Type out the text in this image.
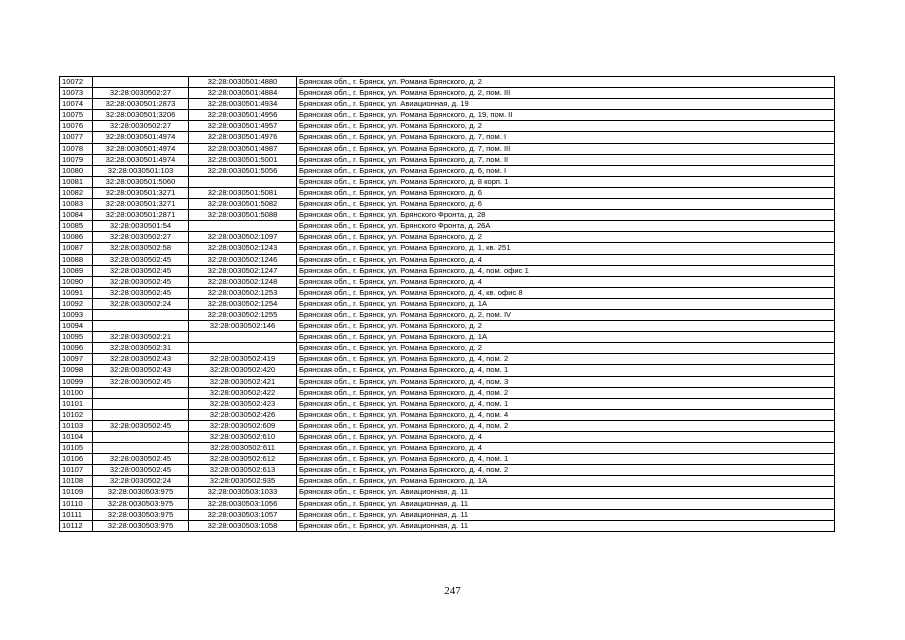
10072		32:28:0030501:4880	Брянская обл., г. Брянск, ул. Романа Брянского, д. 2
10073	32:28:0030502:27	32:28:0030501:4884	Брянская обл., г. Брянск, ул. Романа Брянского, д. 2, пом. III
10074	32:28:0030501:2873	32:28:0030501:4934	Брянская обл., г. Брянск, ул. Авиационная, д. 19
10075	32:28:0030501:3206	32:28:0030501:4956	Брянская обл., г. Брянск, ул. Романа Брянского, д. 19, пом. II
10076	32:28:0030502:27	32:28:0030501:4957	Брянская обл., г. Брянск, ул. Романа Брянского, д. 2
10077	32:28:0030501:4974	32:28:0030501:4976	Брянская обл., г. Брянск, ул. Романа Брянского, д. 7, пом. I
10078	32:28:0030501:4974	32:28:0030501:4987	Брянская обл., г. Брянск, ул. Романа Брянского, д. 7, пом. III
10079	32:28:0030501:4974	32:28:0030501:5001	Брянская обл., г. Брянск, ул. Романа Брянского, д. 7, пом. II
10080	32:28:0030501:103	32:28:0030501:5056	Брянская обл., г. Брянск, ул. Романа Брянского, д. 6, пом. I
10081	32:28:0030501:5060		Брянская обл., г. Брянск, ул. Романа Брянского, д. 8 корп. 1
10082	32:28:0030501:3271	32:28:0030501:5081	Брянская обл., г. Брянск, ул. Романа Брянского, д. 6
10083	32:28:0030501:3271	32:28:0030501:5082	Брянская обл., г. Брянск, ул. Романа Брянского, д. 6
10084	32:28:0030501:2871	32:28:0030501:5088	Брянская обл., г. Брянск, ул. Брянского Фронта, д. 28
10085	32:28:0030501:54		Брянская обл., г. Брянск, ул. Брянского Фронта, д. 26А
10086	32:28:0030502:27	32:28:0030502:1097	Брянская обл., г. Брянск, ул. Романа Брянского, д. 2
10087	32:28:0030502:58	32:28:0030502:1243	Брянская обл., г. Брянск, ул. Романа Брянского, д. 1, кв. 251
10088	32:28:0030502:45	32:28:0030502:1246	Брянская обл., г. Брянск, ул. Романа Брянского, д. 4
10089	32:28:0030502:45	32:28:0030502:1247	Брянская обл., г. Брянск, ул. Романа Брянского, д. 4, пом. офис 1
10090	32:28:0030502:45	32:28:0030502:1248	Брянская обл., г. Брянск, ул. Романа Брянского, д. 4
10091	32:28:0030502:45	32:28:0030502:1253	Брянская обл., г. Брянск, ул. Романа Брянского, д. 4, кв. офис 8
10092	32:28:0030502:24	32:28:0030502:1254	Брянская обл., г. Брянск, ул. Романа Брянского, д. 1А
10093		32:28:0030502:1255	Брянская обл., г. Брянск, ул. Романа Брянского, д. 2, пом. IV
10094		32:28:0030502:146	Брянская обл., г. Брянск, ул. Романа Брянского, д. 2
10095	32:28:0030502:21		Брянская обл., г. Брянск, ул. Романа Брянского, д. 1А
10096	32:28:0030502:31		Брянская обл., г. Брянск, ул. Романа Брянского, д. 2
10097	32:28:0030502:43	32:28:0030502:419	Брянская обл., г. Брянск, ул. Романа Брянского, д. 4, пом. 2
10098	32:28:0030502:43	32:28:0030502:420	Брянская обл., г. Брянск, ул. Романа Брянского, д. 4, пом. 1
10099	32:28:0030502:45	32:28:0030502:421	Брянская обл., г. Брянск, ул. Романа Брянского, д. 4, пом. 3
10100		32:28:0030502:422	Брянская обл., г. Брянск, ул. Романа Брянского, д. 4, пом. 2
10101		32:28:0030502:423	Брянская обл., г. Брянск, ул. Романа Брянского, д. 4, пом. 1
10102		32:28:0030502:426	Брянская обл., г. Брянск, ул. Романа Брянского, д. 4, пом. 4
10103	32:28:0030502:45	32:28:0030502:609	Брянская обл., г. Брянск, ул. Романа Брянского, д. 4, пом. 2
10104		32:28:0030502:610	Брянская обл., г. Брянск, ул. Романа Брянского, д. 4
10105		32:28:0030502:611	Брянская обл., г. Брянск, ул. Романа Брянского, д. 4
10106	32:28:0030502:45	32:28:0030502:612	Брянская обл., г. Брянск, ул. Романа Брянского, д. 4, пом. 1
10107	32:28:0030502:45	32:28:0030502:613	Брянская обл., г. Брянск, ул. Романа Брянского, д. 4, пом. 2
10108	32:28:0030502:24	32:28:0030502:935	Брянская обл., г. Брянск, ул. Романа Брянского, д. 1А
10109	32:28:0030503:975	32:28:0030503:1033	Брянская обл., г. Брянск, ул. Авиационная, д. 11
10110	32:28:0030503:975	32:28:0030503:1056	Брянская обл., г. Брянск, ул. Авиационная, д. 11
10111	32:28:0030503:975	32:28:0030503:1057	Брянская обл., г. Брянск, ул. Авиационная, д. 11
10112	32:28:0030503:975	32:28:0030503:1058	Брянская обл., г. Брянск, ул. Авиационная, д. 11
247
